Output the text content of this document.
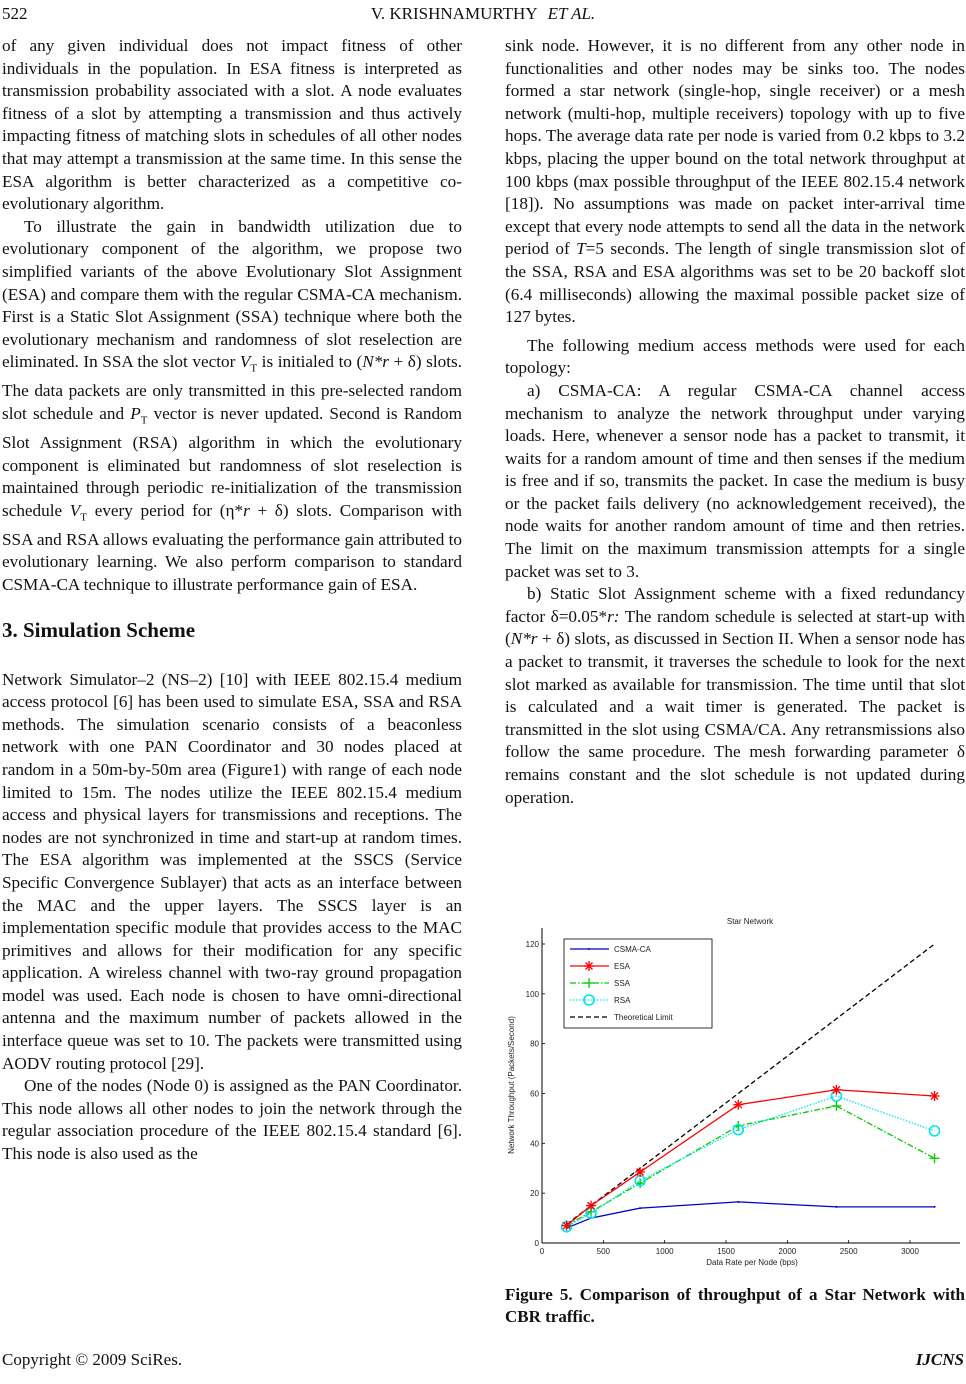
522	V. KRISHNAMURTHY ET AL.

of any given individual does not impact fitness of other individuals in the population. In ESA fitness is interpreted as transmission probability associated with a slot. A node evaluates fitness of a slot by attempting a transmission and thus actively impacting fitness of matching slots in schedules of all other nodes that may attempt a transmission at the same time. In this sense the ESA algorithm is better characterized as a competitive co-evolutionary algorithm.

To illustrate the gain in bandwidth utilization due to evolutionary component of the algorithm, we propose two simplified variants of the above Evolutionary Slot Assignment (ESA) and compare them with the regular CSMA-CA mechanism. First is a Static Slot Assignment (SSA) technique where both the evolutionary mechanism and randomness of slot reselection are eliminated. In SSA the slot vector $V_T$ is initialed to (N*r + δ) slots. The data packets are only transmitted in this pre-selected random slot schedule and $P_T$ vector is never updated. Second is Random Slot Assignment (RSA) algorithm in which the evolutionary component is eliminated but randomness of slot reselection is maintained through periodic re-initialization of the transmission schedule $V_T$ every period for (η*r + δ) slots. Comparison with SSA and RSA allows evaluating the performance gain attributed to evolutionary learning. We also perform comparison to standard CSMA-CA technique to illustrate performance gain of ESA.

3. Simulation Scheme

Network Simulator–2 (NS–2) [10] with IEEE 802.15.4 medium access protocol [6] has been used to simulate ESA, SSA and RSA methods. The simulation scenario consists of a beaconless network with one PAN Coordinator and 30 nodes placed at random in a 50m-by-50m area (Figure1) with range of each node limited to 15m. The nodes utilize the IEEE 802.15.4 medium access and physical layers for transmissions and receptions. The nodes are not synchronized in time and start-up at random times. The ESA algorithm was implemented at the SSCS (Service Specific Convergence Sublayer) that acts as an interface between the MAC and the upper layers. The SSCS layer is an implementation specific module that provides access to the MAC primitives and allows for their modification for any specific application. A wireless channel with two-ray ground propagation model was used. Each node is chosen to have omni-directional antenna and the maximum number of packets allowed in the interface queue was set to 10. The packets were transmitted using AODV routing protocol [29].

One of the nodes (Node 0) is assigned as the PAN Coordinator. This node allows all other nodes to join the network through the regular association procedure of the IEEE 802.15.4 standard [6]. This node is also used as the

sink node. However, it is no different from any other node in functionalities and other nodes may be sinks too. The nodes formed a star network (single-hop, single receiver) or a mesh network (multi-hop, multiple receivers) topology with up to five hops. The average data rate per node is varied from 0.2 kbps to 3.2 kbps, placing the upper bound on the total network throughput at 100 kbps (max possible throughput of the IEEE 802.15.4 network [18]). No assumptions was made on packet inter-arrival time except that every node attempts to send all the data in the network period of T=5 seconds. The length of single transmission slot of the SSA, RSA and ESA algorithms was set to be 20 backoff slot (6.4 milliseconds) allowing the maximal possible packet size of 127 bytes.

The following medium access methods were used for each topology:

a) CSMA-CA: A regular CSMA-CA channel access mechanism to analyze the network throughput under varying loads. Here, whenever a sensor node has a packet to transmit, it waits for a random amount of time and then senses if the medium is free and if so, transmits the packet. In case the medium is busy or the packet fails delivery (no acknowledgement received), the node waits for another random amount of time and then retries. The limit on the maximum transmission attempts for a single packet was set to 3.

b) Static Slot Assignment scheme with a fixed redundancy factor δ=0.05*r: The random schedule is selected at start-up with (N*r + δ) slots, as discussed in Section II. When a sensor node has a packet to transmit, it traverses the schedule to look for the next slot marked as available for transmission. The time until that slot is calculated and a wait timer is generated. The packet is transmitted in the slot using CSMA/CA. Any retransmissions also follow the same procedure. The mesh forwarding parameter δ remains constant and the slot schedule is not updated during operation.

Star Network
0
20
40
60
80
100
120
0	500	1000	1500	2000	2500	3000
Data Rate per Node (bps)
Network Throughput (Packets/Second)
CSMA-CA
ESA
SSA
RSA
Theoretical Limit
Figure 5. Comparison of throughput of a Star Network with CBR traffic.
Copyright © 2009 SciRes.	IJCNS
